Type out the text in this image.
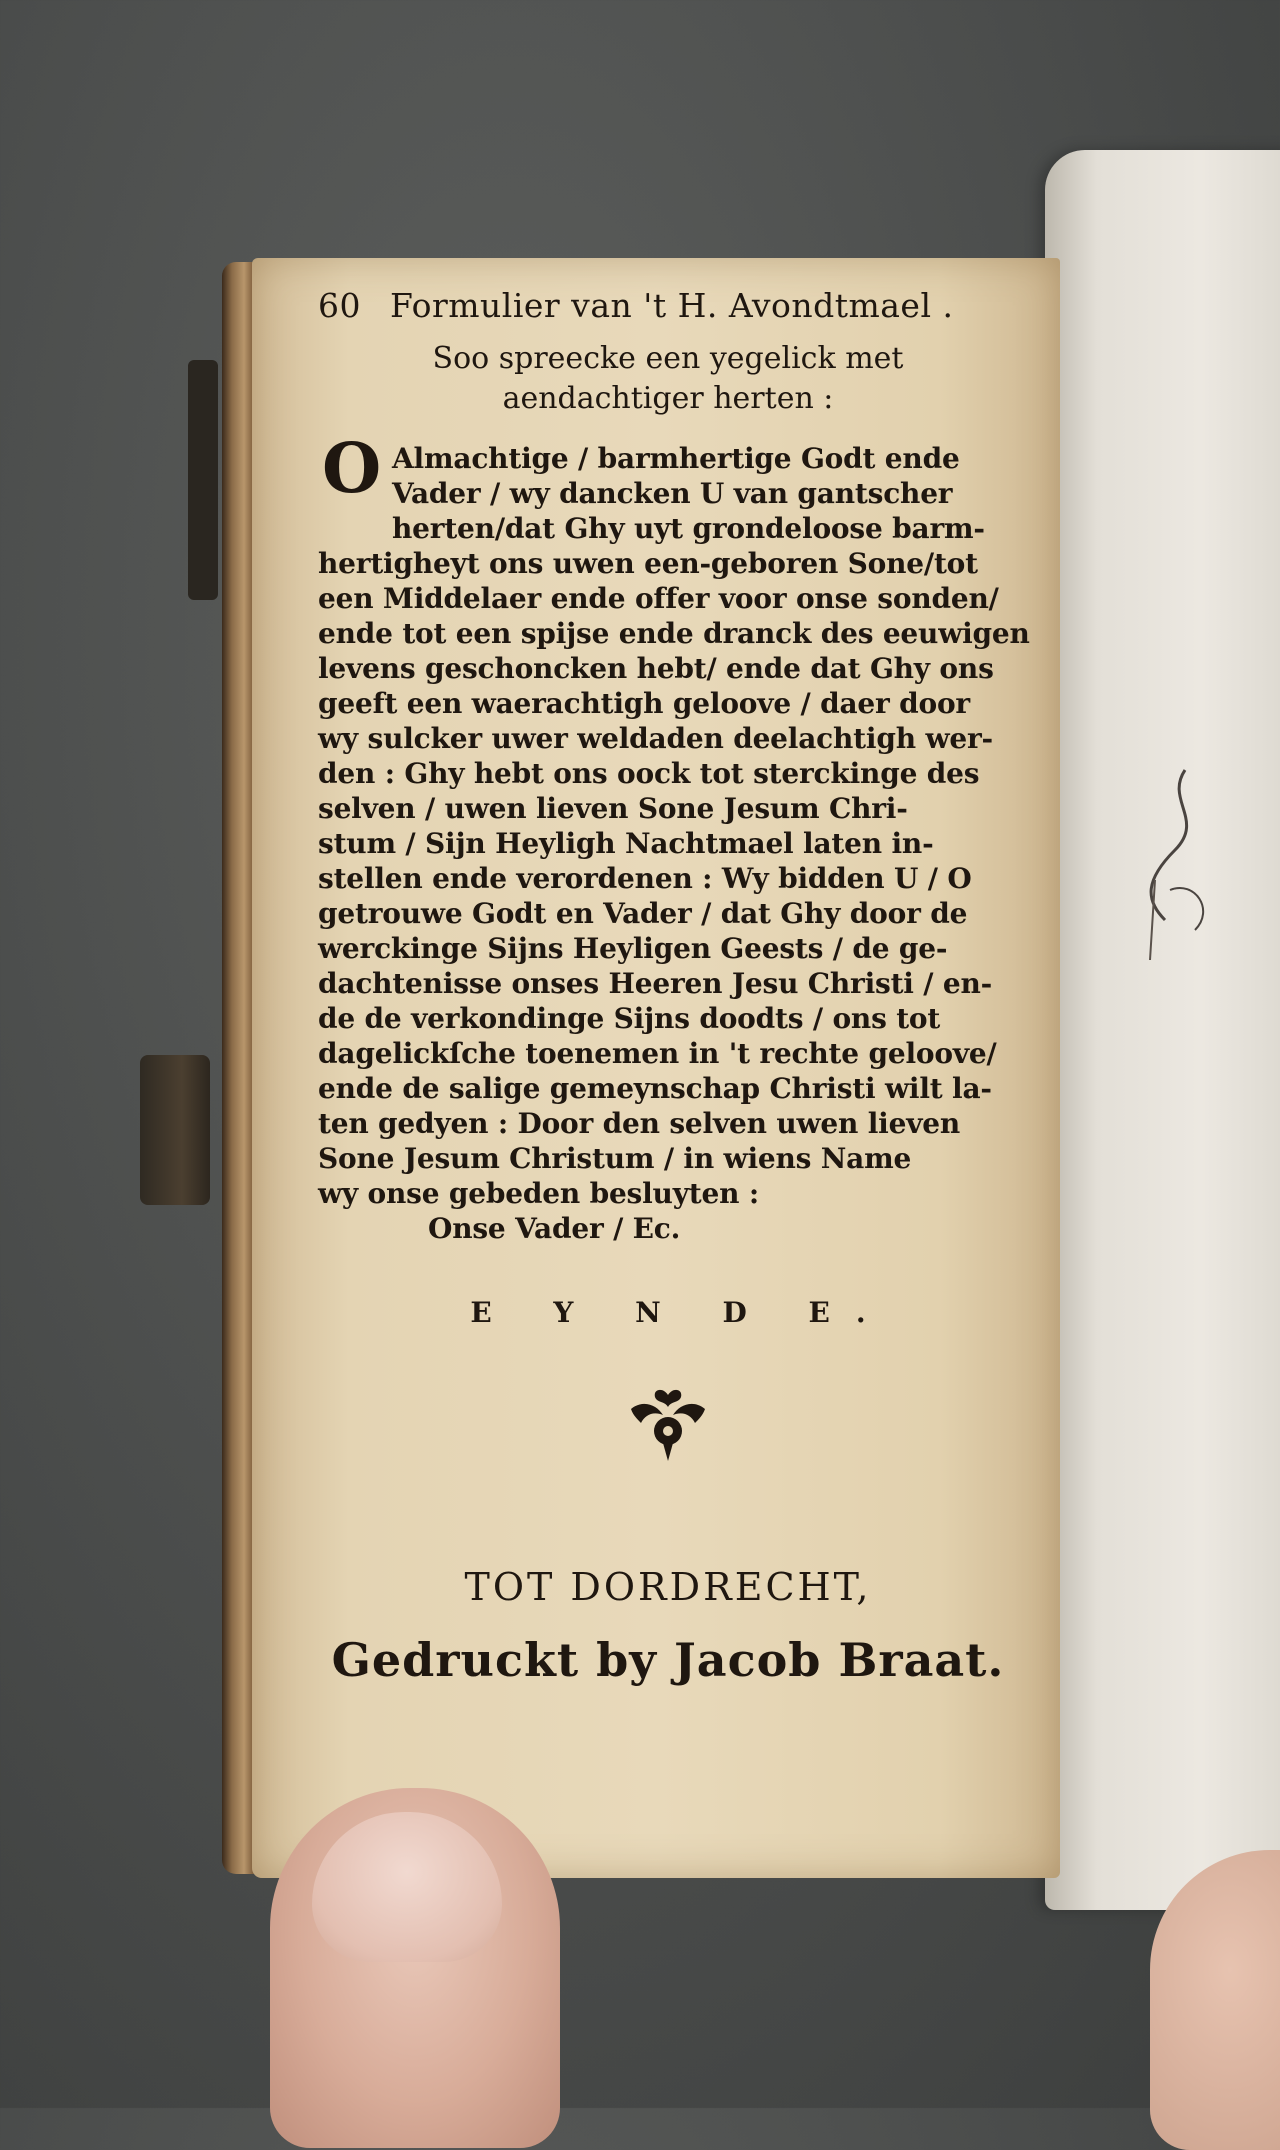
60 Formulier van 't H. Avondtmael .
Soo spreecke een yegelick met
aendachtiger herten :
O Almachtige / barmhertige Godt ende
Vader / wy dancken U van gantscher
herten/dat Ghy uyt grondeloose barm-
hertigheyt ons uwen een-geboren Sone/tot
een Middelaer ende offer voor onse sonden/
ende tot een spijse ende dranck des eeuwigen
levens geschoncken hebt/ ende dat Ghy ons
geeft een waerachtigh geloove / daer door
wy sulcker uwer weldaden deelachtigh wer-
den : Ghy hebt ons oock tot sterckinge des
selven / uwen lieven Sone Jesum Chri-
stum / Sijn Heyligh Nachtmael laten in-
stellen ende verordenen : Wy bidden U / O
getrouwe Godt en Vader / dat Ghy door de
werckinge Sijns Heyligen Geests / de ge-
dachtenisse onses Heeren Jesu Christi / en-
de de verkondinge Sijns doodts / ons tot
dagelickſche toenemen in 't rechte geloove/
ende de salige gemeynschap Christi wilt la-
ten gedyen : Door den selven uwen lieven
Sone Jesum Christum / in wiens Name
wy onse gebeden besluyten :
Onse Vader / Ec.
E Y N D E.
TOT DORDRECHT,
Gedruckt by Jacob Braat.
